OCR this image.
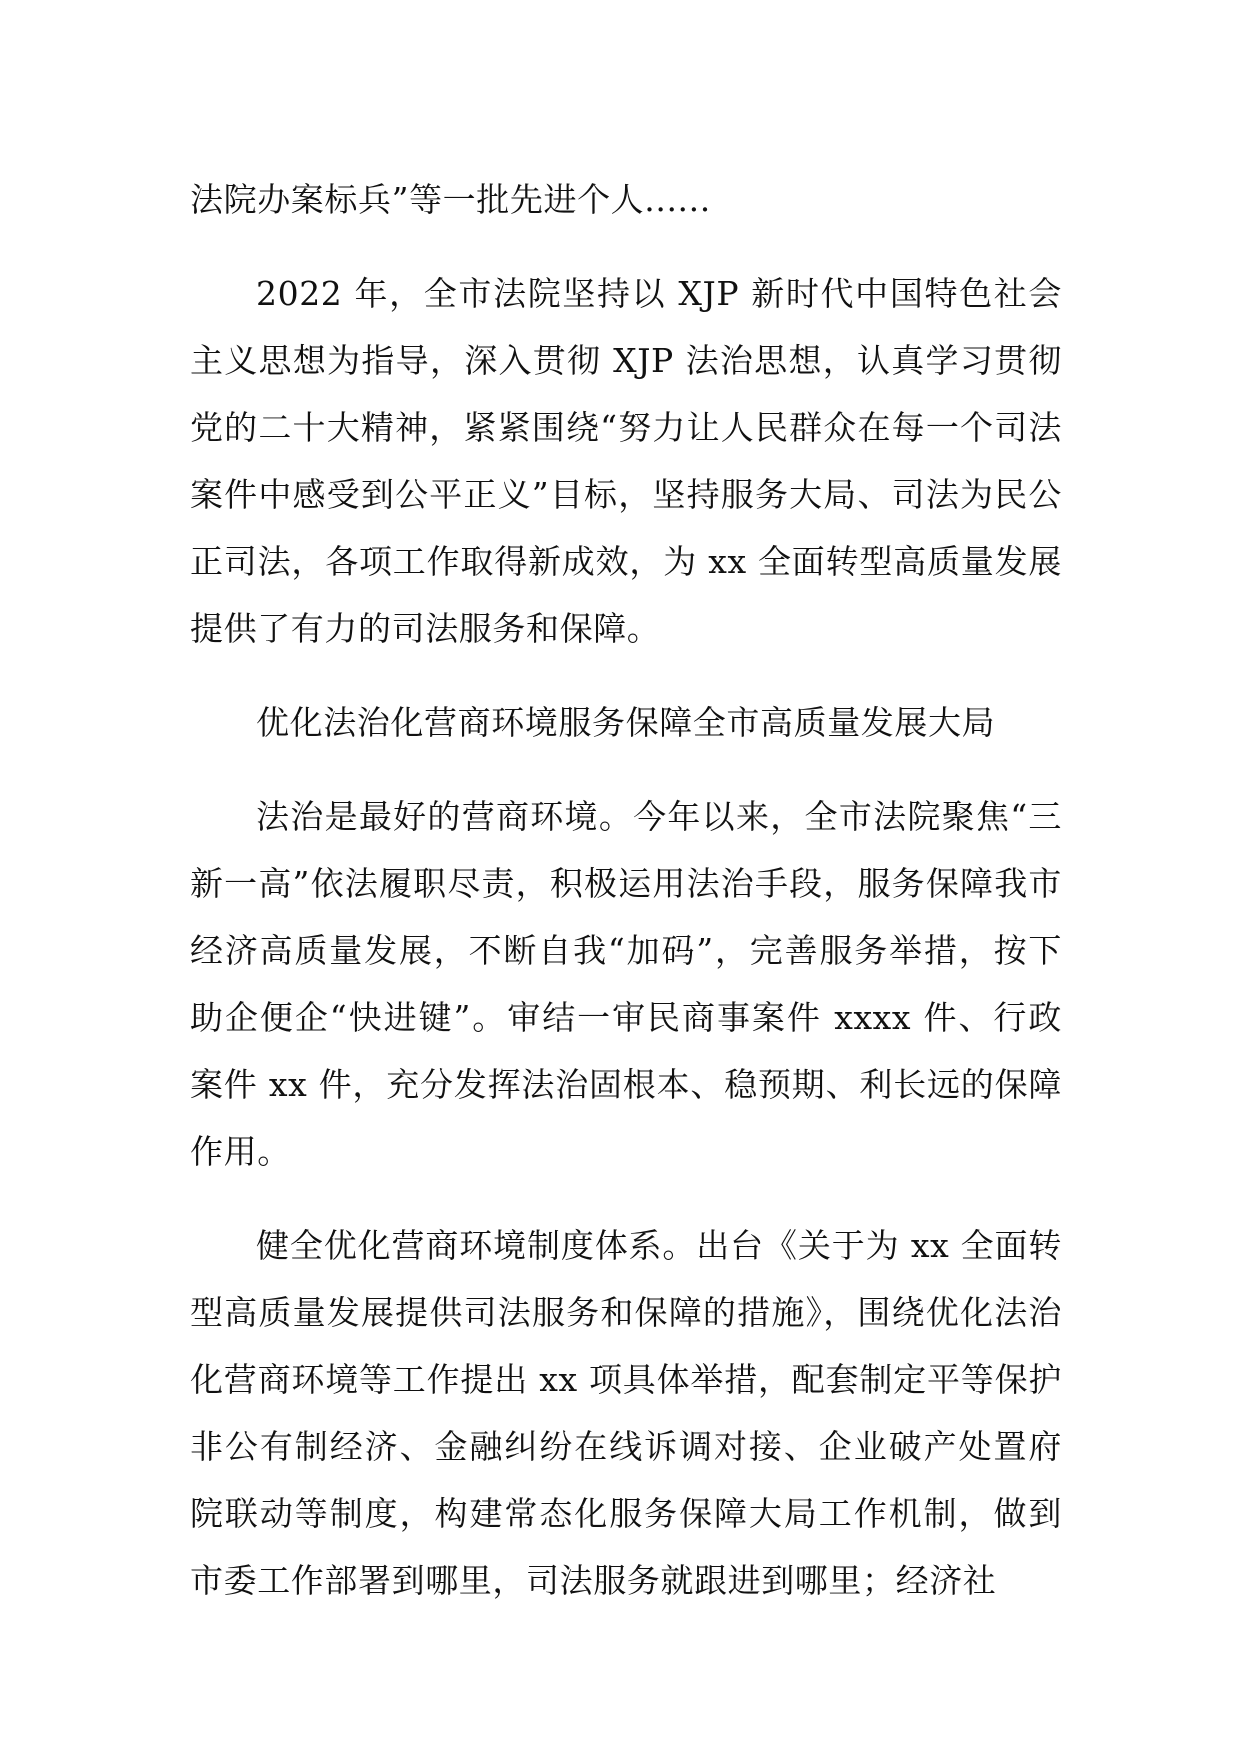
法院办案标兵”等一批先进个人......

2022 年，全市法院坚持以 XJP 新时代中国特色社会主义思想为指导，深入贯彻 XJP 法治思想，认真学习贯彻党的二十大精神，紧紧围绕“努力让人民群众在每一个司法案件中感受到公平正义”目标，坚持服务大局、司法为民公正司法，各项工作取得新成效，为 xx 全面转型高质量发展提供了有力的司法服务和保障。

优化法治化营商环境服务保障全市高质量发展大局

法治是最好的营商环境。今年以来，全市法院聚焦“三新一高”依法履职尽责，积极运用法治手段，服务保障我市经济高质量发展，不断自我“加码”，完善服务举措，按下助企便企“快进键”。审结一审民商事案件 xxxx 件、行政案件 xx 件，充分发挥法治固根本、稳预期、利长远的保障作用。

健全优化营商环境制度体系。出台《关于为 xx 全面转型高质量发展提供司法服务和保障的措施》，围绕优化法治化营商环境等工作提出 xx 项具体举措，配套制定平等保护非公有制经济、金融纠纷在线诉调对接、企业破产处置府院联动等制度，构建常态化服务保障大局工作机制，做到市委工作部署到哪里，司法服务就跟进到哪里；经济社
